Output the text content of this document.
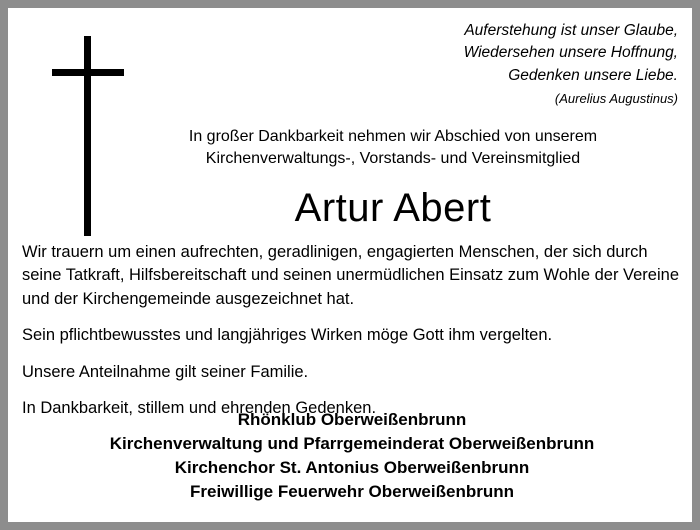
Auferstehung ist unser Glaube,
Wiedersehen unsere Hoffnung,
Gedenken unsere Liebe.
(Aurelius Augustinus)
In großer Dankbarkeit nehmen wir Abschied von unserem
Kirchenverwaltungs-, Vorstands- und Vereinsmitglied
Artur Abert

Wir trauern um einen aufrechten, geradlinigen, engagierten Menschen, der sich durch seine Tatkraft, Hilfsbereitschaft und seinen unermüdlichen Einsatz zum Wohle der Vereine und der Kirchengemeinde ausgezeichnet hat.

Sein pflichtbewusstes und langjähriges Wirken möge Gott ihm vergelten.

Unsere Anteilnahme gilt seiner Familie.

In Dankbarkeit, stillem und ehrenden Gedenken.

Rhönklub Oberweißenbrunn
Kirchenverwaltung und Pfarrgemeinderat Oberweißenbrunn
Kirchenchor St. Antonius Oberweißenbrunn
Freiwillige Feuerwehr Oberweißenbrunn
